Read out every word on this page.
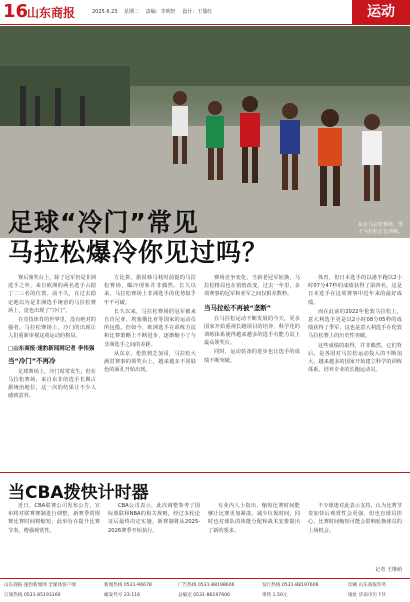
16
山东商报	2025.6.23 星期二 责编：李明轩 设计：王瑞红	运动
东京马拉松赛场，男子马拉松正在冲刺。
足球“冷门”常见
马拉松爆冷你见过吗？

赛后颁奖台上，除了冠军仍是非洲选手之外，来自欧洲的两名选手占据了二三名的位置。前不久，在过去稳定地以为是非洲选手统治的马拉松赛场上，竟也出现了“冷门”。

在竞技体育的世界里，没有绝对的强者。马拉松赛场上，冷门的出现让人们重新审视这项运动的格局。

□山东商报·速豹新闻网记者 李伟强
当“冷门”不再冷

足球赛场上，冷门时常发生，但在马拉松赛场，来自东非的选手长期占据统治地位，这一次的结果让不少人感到意外。

方比拼。据说韩马耗时前提的马拉松赛场，曝冷现象并非偶然。长久以来，马拉松赛场上非洲选手的优势似乎牢不可破。

长久以来，马拉松赛场的冠军被来自肯尼亚、埃塞俄比亚等国家的运动员所包揽。但如今，欧洲选手在训练方法和比赛策略上不断进步，逐渐缩小了与非洲选手之间的差距。

从东京、伦敦到芝加哥，马拉松大满贯赛事的领奖台上，越来越多不同肤色的面孔开始出现。

赛场竞争变化，当新老冠军轮换，马拉松格局也在悄悄改变。过去一年里，多项赛事的冠军和亚军之间仅相差数秒。

当马拉松不再被“垄断”

在马拉松运动不断发展的今天，更多国家开始重视长跑项目的培养，科学化的训练体系使得越来越多的选手有能力站上最高领奖台。

同时，运动装备的进步也让选手的成绩不断突破。

体育，但日本选手的以港半跑以2小时07分47秒的成绩获得了第四名，这是日本选手在这项赛事中近年来的最好成绩。

而在此前的2022年伦敦马拉松上，意大利选手更是以2小时08分05秒的成绩获得了季军，这也是意大利选手在伦敦马拉松赛上的历史性突破。

这些成绩的取得，并非偶然。它们背后，是各国对马拉松运动投入的不断加大，越来越多的国家开始建立科学的训练体系，培养专业的长跑运动员。

当CBA拨快计时器

近日，CBA联赛公司发布公告，宣布将对联赛赛制进行调整，新赛季常规赛比赛时间将缩短，此举旨在提升比赛节奏，增强观赏性。

CBA公司表示，此次调整参考了国际篮联和NBA的相关规则，经过多轮论证后最终决定实施。新赛制将从2025-2026赛季开始执行。

有业内人士指出，缩短比赛时间能够让比赛更加紧凑，减少垃圾时间，同时也对球队的体能分配和战术安排提出了新的要求。

不少球迷对此表示支持，认为比赛节奏加快后观赏性会更强。但也有球员担心，比赛时间缩短可能会影响轮换球员的上场机会。

记者 王继萌
山东商报·速豹新闻网 全媒体客户端	新闻热线 0531-96678	广告热线 0531-88198606	发行热线 0531-88197606	印刷 山东商报印务
订阅热线 0531-85193160	邮发代号 23-116	总编室 0531-86197606	零售 1.50元	地址 济南市历下区
